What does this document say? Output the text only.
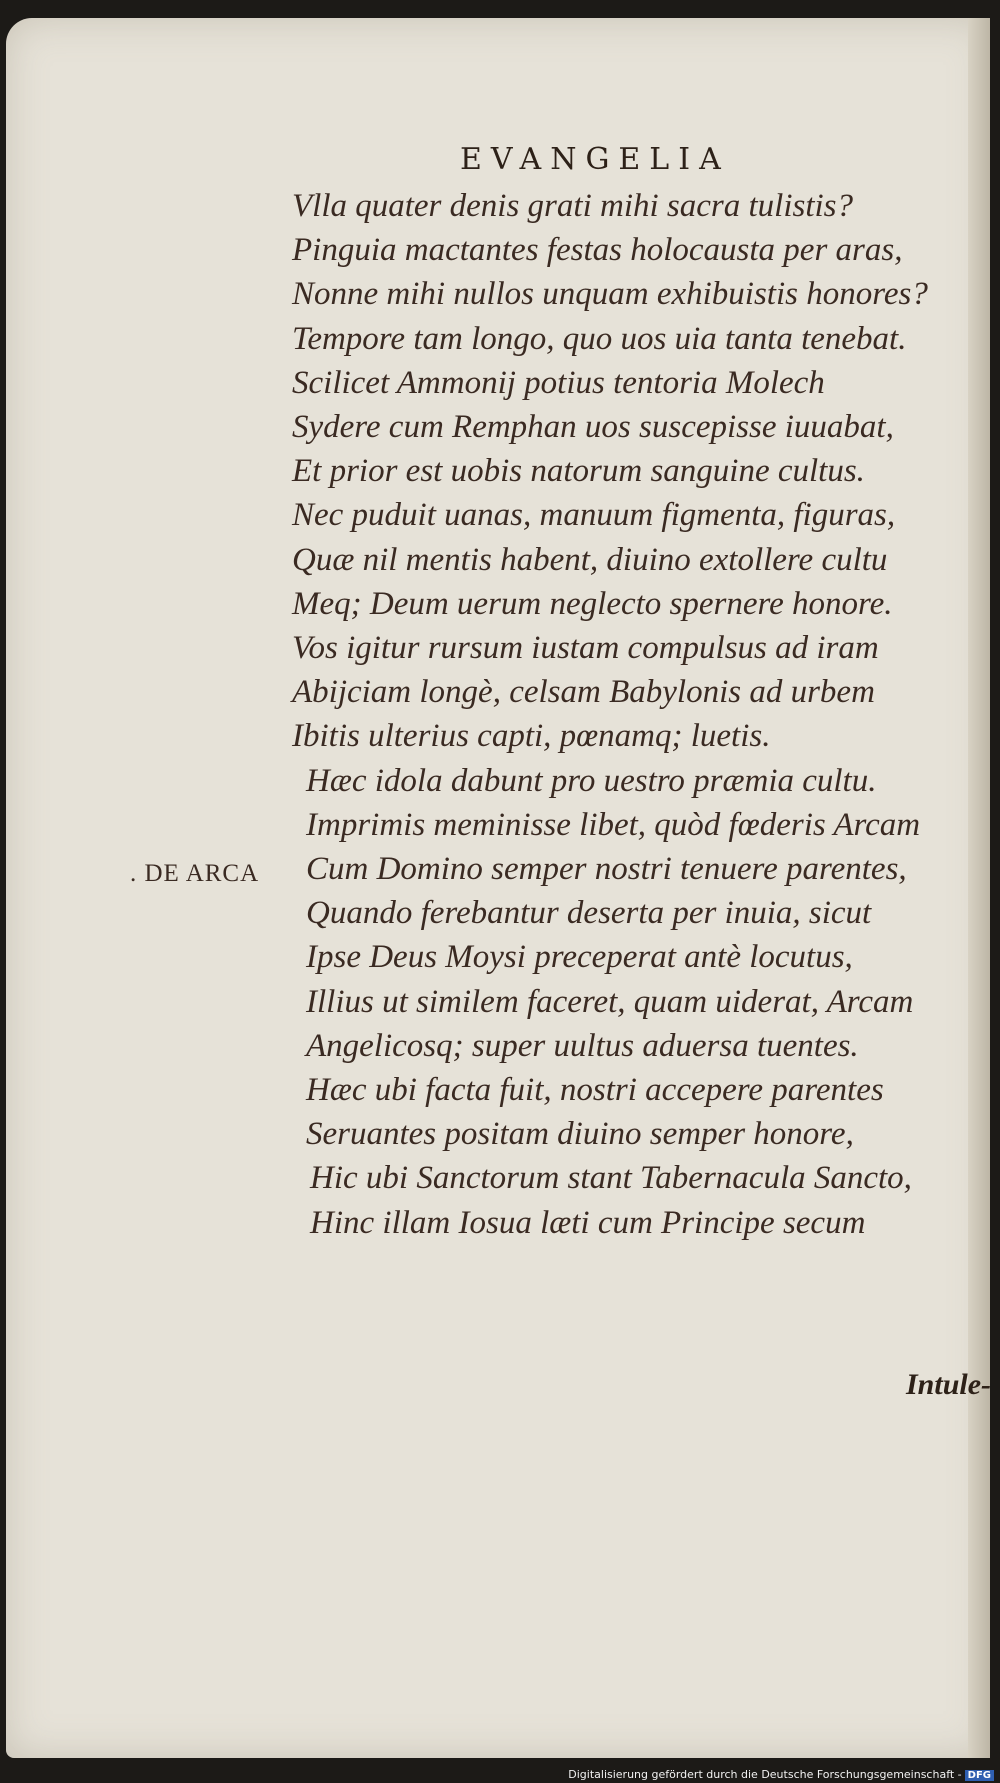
EVANGELIA
. DE ARCA
Vlla quater denis grati mihi sacra tulistis?
Pinguia mactantes festas holocausta per aras,
Nonne mihi nullos unquam exhibuistis honores?
Tempore tam longo, quo uos uia tanta tenebat.
Scilicet Ammonij potius tentoria Molech
Sydere cum Remphan uos suscepisse iuuabat,
Et prior est uobis natorum sanguine cultus.
Nec puduit uanas, manuum figmenta, figuras,
Quæ nil mentis habent, diuino extollere cultu
Meq; Deum uerum neglecto spernere honore.
Vos igitur rursum iustam compulsus ad iram
Abijciam longè, celsam Babylonis ad urbem
Ibitis ulterius capti, pœnamq; luetis.
Hæc idola dabunt pro uestro præmia cultu.
Imprimis meminisse libet, quòd fœderis Arcam
Cum Domino semper nostri tenuere parentes,
Quando ferebantur deserta per inuia, sicut
Ipse Deus Moysi preceperat antè locutus,
Illius ut similem faceret, quam uiderat, Arcam
Angelicosq; super uultus aduersa tuentes.
Hæc ubi facta fuit, nostri accepere parentes
Seruantes positam diuino semper honore,
Hic ubi Sanctorum stant Tabernacula Sancto,
Hinc illam Iosua læti cum Principe secum
Intule-
Digitalisierung gefördert durch die Deutsche Forschungsgemeinschaft - DFG
